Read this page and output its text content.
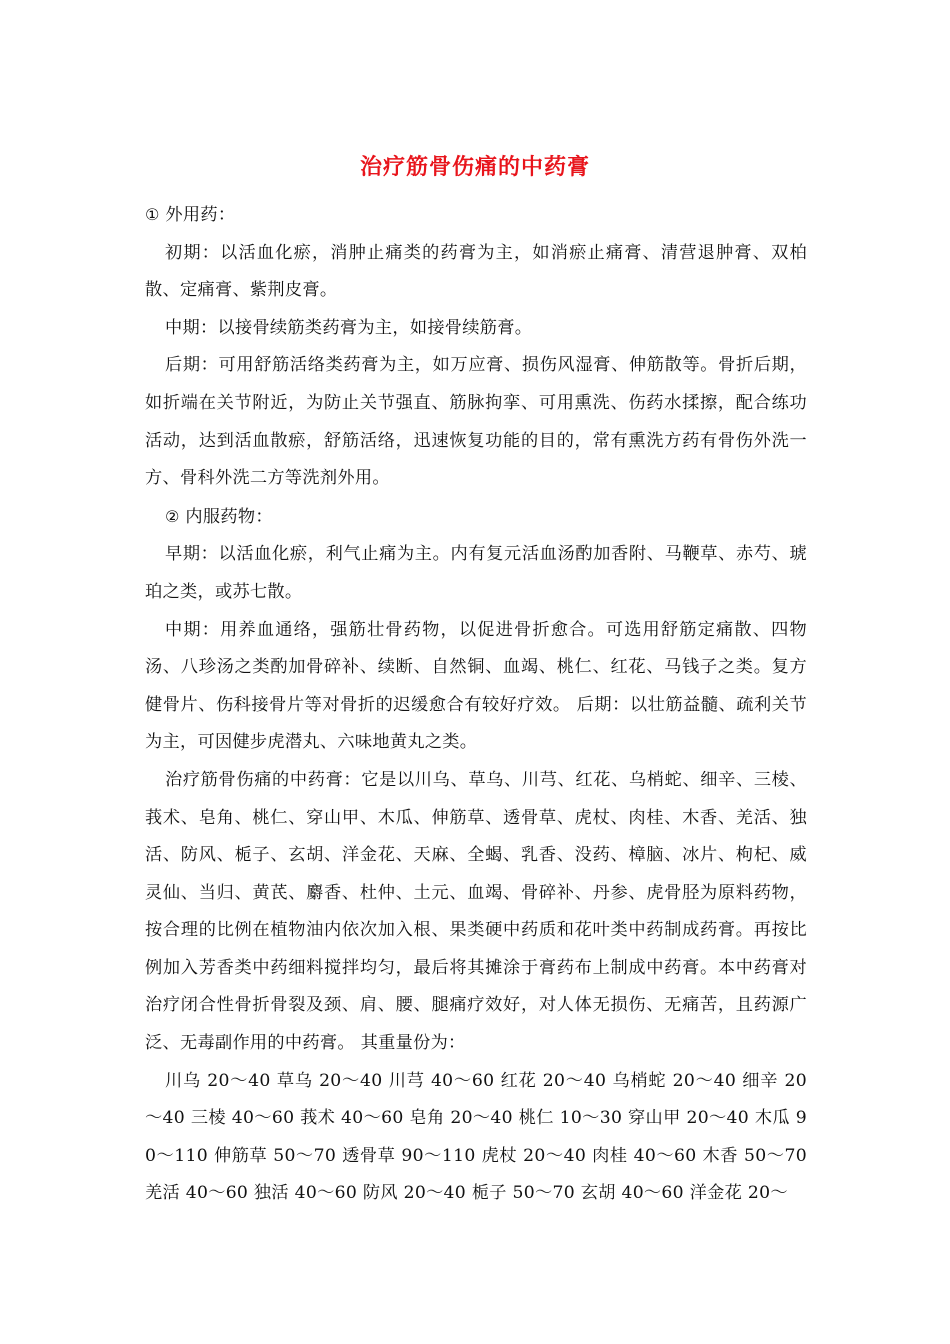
治疗筋骨伤痛的中药膏

① 外用药：

初期：以活血化瘀，消肿止痛类的药膏为主，如消瘀止痛膏、清营退肿膏、双柏散、定痛膏、紫荆皮膏。

中期：以接骨续筋类药膏为主，如接骨续筋膏。

后期：可用舒筋活络类药膏为主，如万应膏、损伤风湿膏、伸筋散等。骨折后期，如折端在关节附近，为防止关节强直、筋脉拘挛、可用熏洗、伤药水揉擦，配合练功活动，达到活血散瘀，舒筋活络，迅速恢复功能的目的，常有熏洗方药有骨伤外洗一方、骨科外洗二方等洗剂外用。

② 内服药物：

早期：以活血化瘀，利气止痛为主。内有复元活血汤酌加香附、马鞭草、赤芍、琥珀之类，或苏七散。

中期：用养血通络，强筋壮骨药物，以促进骨折愈合。可选用舒筋定痛散、四物汤、八珍汤之类酌加骨碎补、续断、自然铜、血竭、桃仁、红花、马钱子之类。复方健骨片、伤科接骨片等对骨折的迟缓愈合有较好疗效。 后期：以壮筋益髓、疏利关节为主，可因健步虎潜丸、六味地黄丸之类。

治疗筋骨伤痛的中药膏：它是以川乌、草乌、川芎、红花、乌梢蛇、细辛、三棱、莪术、皂角、桃仁、穿山甲、木瓜、伸筋草、透骨草、虎杖、肉桂、木香、羌活、独活、防风、栀子、玄胡、洋金花、天麻、全蝎、乳香、没药、樟脑、冰片、枸杞、威灵仙、当归、黄芪、麝香、杜仲、土元、血竭、骨碎补、丹参、虎骨胫为原料药物，按合理的比例在植物油内依次加入根、果类硬中药质和花叶类中药制成药膏。再按比例加入芳香类中药细料搅拌均匀，最后将其摊涂于膏药布上制成中药膏。本中药膏对治疗闭合性骨折骨裂及颈、肩、腰、腿痛疗效好，对人体无损伤、无痛苦，且药源广泛、无毒副作用的中药膏。 其重量份为：

川乌 20～40 草乌 20～40 川芎 40～60 红花 20～40 乌梢蛇 20～40 细辛 20～40 三棱 40～60 莪术 40～60 皂角 20～40 桃仁 10～30 穿山甲 20～40 木瓜 90～110 伸筋草 50～70 透骨草 90～110 虎杖 20～40 肉桂 40～60 木香 50～70 羌活 40～60 独活 40～60 防风 20～40 栀子 50～70 玄胡 40～60 洋金花 20～
